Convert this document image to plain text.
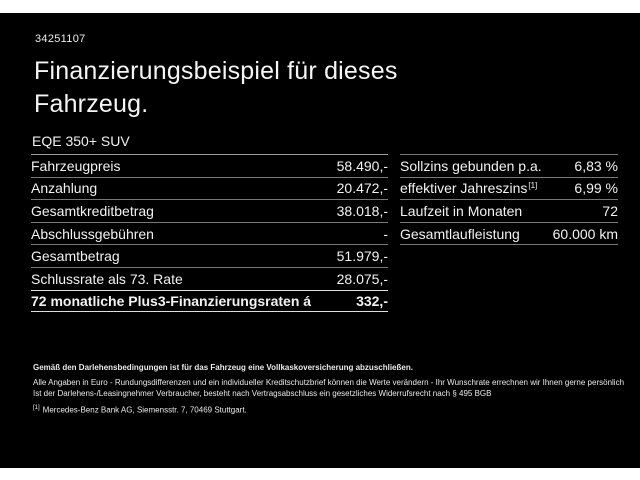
34251107
Finanzierungsbeispiel für dieses
Fahrzeug.
EQE 350+ SUV
Fahrzeugpreis	58.490,-
Anzahlung	20.472,-
Gesamtkreditbetrag	38.018,-
Abschlussgebühren	-
Gesamtbetrag	51.979,-
Schlussrate als 73. Rate	28.075,-
72 monatliche Plus3-Finanzierungsraten á	332,-
Sollzins gebunden p.a. 6,83 %
effektiver Jahreszins[1]	6,99 %
Laufzeit in Monaten	72
Gesamtlaufleistung 60.000 km

Gemäß den Darlehensbedingungen ist für das Fahrzeug eine Vollkaskoversicherung abzuschließen.

Alle Angaben in Euro - Rundungsdifferenzen und ein individueller Kreditschutzbrief können die Werte verändern - Ihr Wunschrate errechnen wir Ihnen gerne persönlich

Ist der Darlehens-/Leasingnehmer Verbraucher, besteht nach Vertragsabschluss ein gesetzliches Widerrufsrecht nach § 495 BGB

[1] Mercedes-Benz Bank AG, Siemensstr. 7, 70469 Stuttgart.
